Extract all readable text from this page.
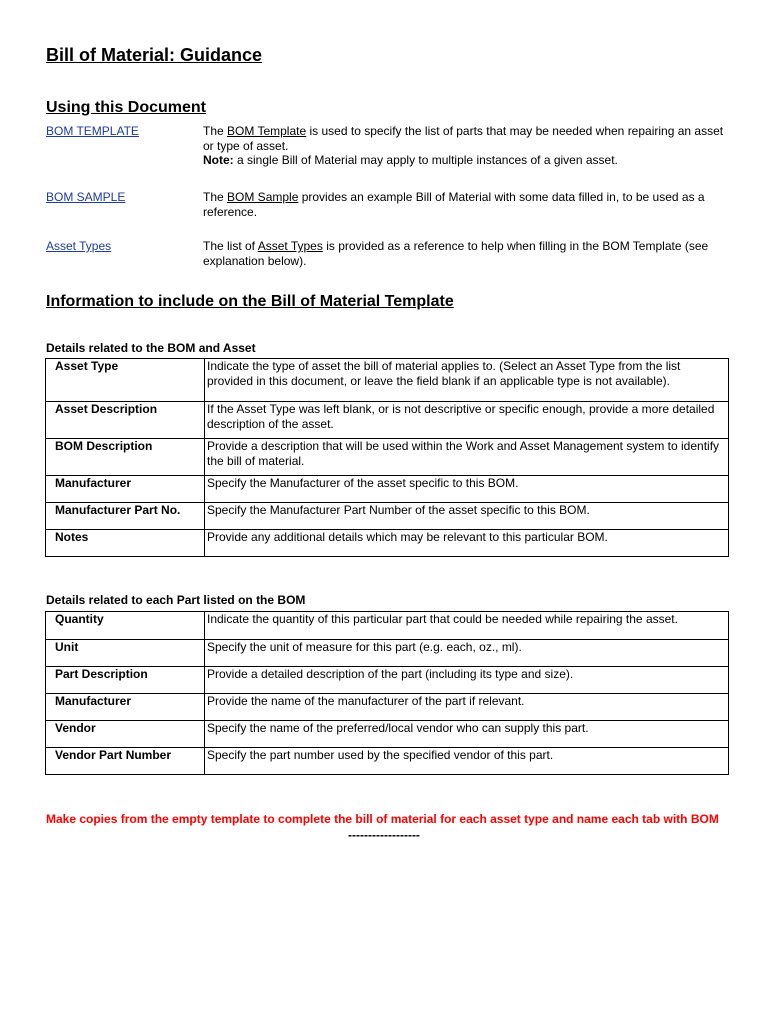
Bill of Material: Guidance
Using this Document
BOM TEMPLATE	The BOM Template is used to specify the list of parts that may be needed when repairing an asset or type of asset.
Note: a single Bill of Material may apply to multiple instances of a given asset.
BOM SAMPLE	The BOM Sample provides an example Bill of Material with some data filled in, to be used as a reference.
Asset Types	The list of Asset Types is provided as a reference to help when filling in the BOM Template (see explanation below).
Information to include on the Bill of Material Template
Details related to the BOM and Asset
Asset Type	Indicate the type of asset the bill of material applies to. (Select an Asset Type from the list provided in this document, or leave the field blank if an applicable type is not available).
Asset Description	If the Asset Type was left blank, or is not descriptive or specific enough, provide a more detailed description of the asset.
BOM Description	Provide a description that will be used within the Work and Asset Management system to identify the bill of material.
Manufacturer	Specify the Manufacturer of the asset specific to this BOM.
Manufacturer Part No.	Specify the Manufacturer Part Number of the asset specific to this BOM.
Notes	Provide any additional details which may be relevant to this particular BOM.
Details related to each Part listed on the BOM
Quantity	Indicate the quantity of this particular part that could be needed while repairing the asset.
Unit	Specify the unit of measure for this part (e.g. each, oz., ml).
Part Description	Provide a detailed description of the part (including its type and size).
Manufacturer	Provide the name of the manufacturer of the part if relevant.
Vendor	Specify the name of the preferred/local vendor who can supply this part.
Vendor Part Number	Specify the part number used by the specified vendor of this part.
Make copies from the empty template to complete the bill of material for each asset type and name each tab with BOM
------------------
